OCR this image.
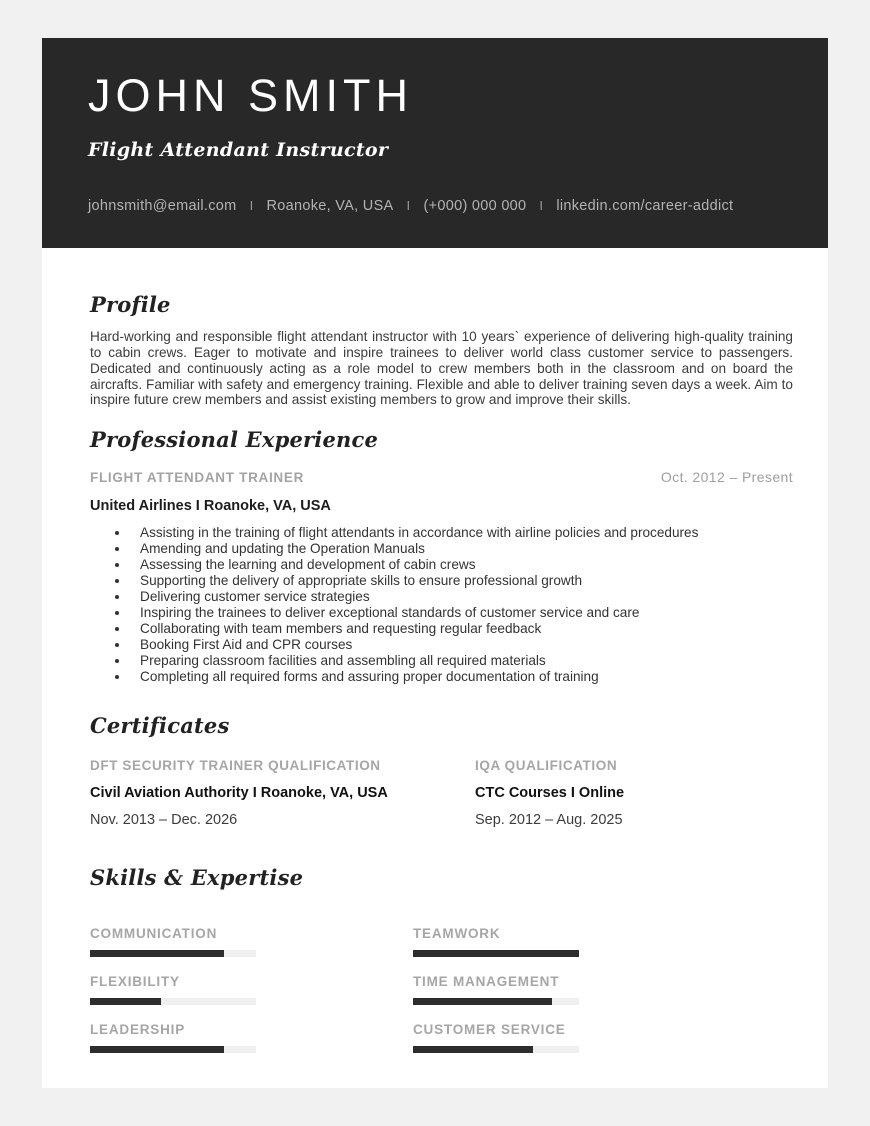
JOHN SMITH
Flight Attendant Instructor
johnsmith@email.com I Roanoke, VA, USA I (+000) 000 000 I linkedin.com/career-addict
Profile

Hard-working and responsible flight attendant instructor with 10 years` experience of delivering high-quality training to cabin crews. Eager to motivate and inspire trainees to deliver world class customer service to passengers. Dedicated and continuously acting as a role model to crew members both in the classroom and on board the aircrafts. Familiar with safety and emergency training. Flexible and able to deliver training seven days a week. Aim to inspire future crew members and assist existing members to grow and improve their skills.

Professional Experience
FLIGHT ATTENDANT TRAINER	Oct. 2012 – Present
United Airlines I Roanoke, VA, USA
• Assisting in the training of flight attendants in accordance with airline policies and procedures
• Amending and updating the Operation Manuals
• Assessing the learning and development of cabin crews
• Supporting the delivery of appropriate skills to ensure professional growth
• Delivering customer service strategies
• Inspiring the trainees to deliver exceptional standards of customer service and care
• Collaborating with team members and requesting regular feedback
• Booking First Aid and CPR courses
• Preparing classroom facilities and assembling all required materials
• Completing all required forms and assuring proper documentation of training
Certificates
DFT SECURITY TRAINER QUALIFICATION
Civil Aviation Authority I Roanoke, VA, USA
Nov. 2013 – Dec. 2026
IQA QUALIFICATION
CTC Courses I Online
Sep. 2012 – Aug. 2025
Skills & Expertise
COMMUNICATION	TEAMWORK
FLEXIBILITY	TIME MANAGEMENT
LEADERSHIP	CUSTOMER SERVICE
